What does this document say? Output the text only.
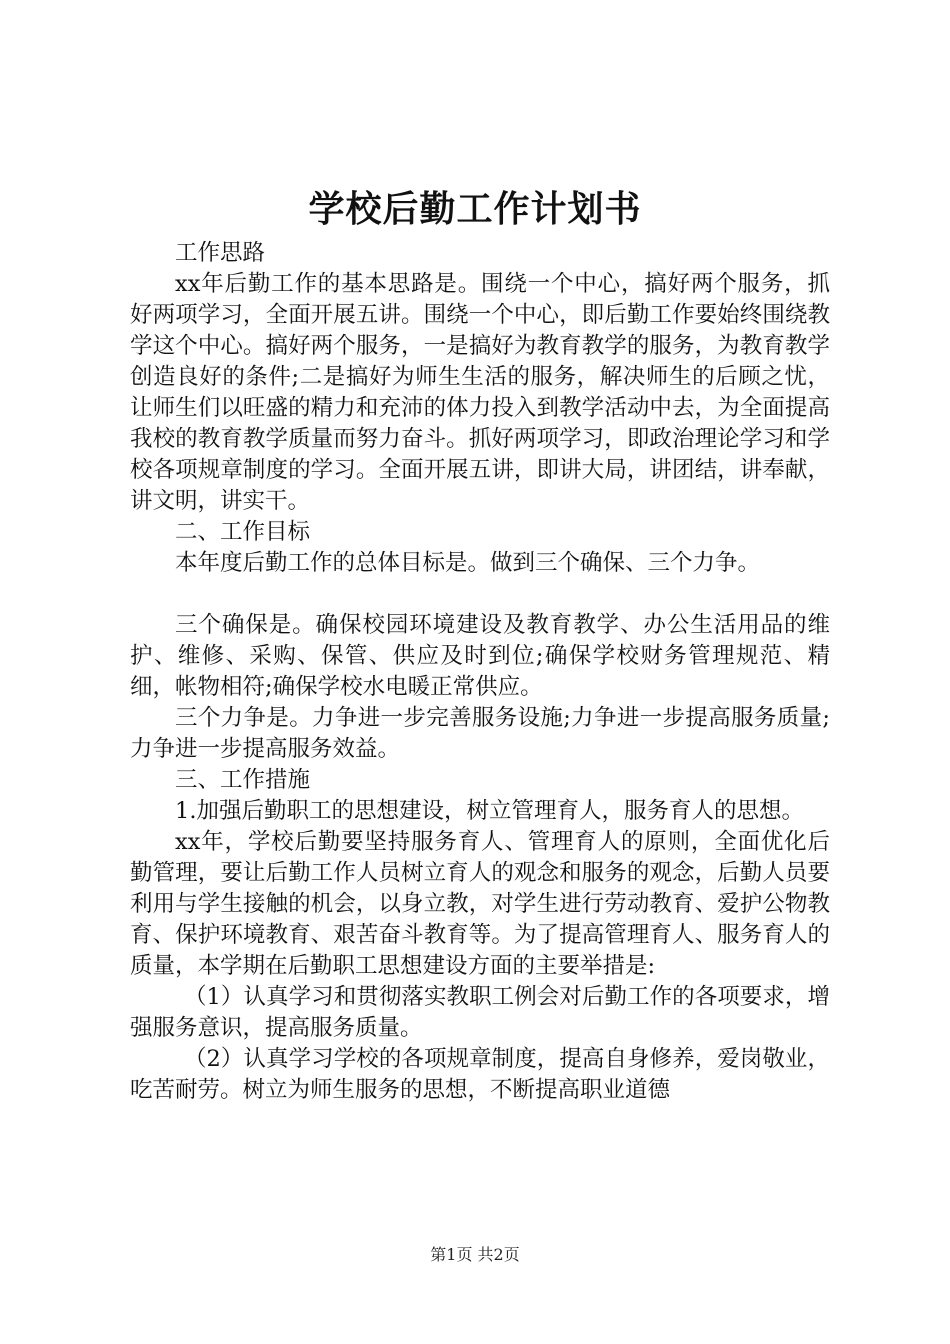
学校后勤工作计划书

工作思路

xx年后勤工作的基本思路是。围绕一个中心，搞好两个服务，抓好两项学习，全面开展五讲。围绕一个中心，即后勤工作要始终围绕教学这个中心。搞好两个服务，一是搞好为教育教学的服务，为教育教学创造良好的条件;二是搞好为师生生活的服务，解决师生的后顾之忧，让师生们以旺盛的精力和充沛的体力投入到教学活动中去，为全面提高我校的教育教学质量而努力奋斗。抓好两项学习，即政治理论学习和学校各项规章制度的学习。全面开展五讲，即讲大局，讲团结，讲奉献，讲文明，讲实干。

二、工作目标

本年度后勤工作的总体目标是。做到三个确保、三个力争。

三个确保是。确保校园环境建设及教育教学、办公生活用品的维护、维修、采购、保管、供应及时到位;确保学校财务管理规范、精细，帐物相符;确保学校水电暖正常供应。

三个力争是。力争进一步完善服务设施;力争进一步提高服务质量;力争进一步提高服务效益。

三、工作措施

1.加强后勤职工的思想建设，树立管理育人，服务育人的思想。

xx年，学校后勤要坚持服务育人、管理育人的原则，全面优化后勤管理，要让后勤工作人员树立育人的观念和服务的观念，后勤人员要利用与学生接触的机会，以身立教，对学生进行劳动教育、爱护公物教育、保护环境教育、艰苦奋斗教育等。为了提高管理育人、服务育人的质量，本学期在后勤职工思想建设方面的主要举措是:

（1）认真学习和贯彻落实教职工例会对后勤工作的各项要求，增强服务意识，提高服务质量。

（2）认真学习学校的各项规章制度，提高自身修养，爱岗敬业，吃苦耐劳。树立为师生服务的思想，不断提高职业道德

第1页 共2页
